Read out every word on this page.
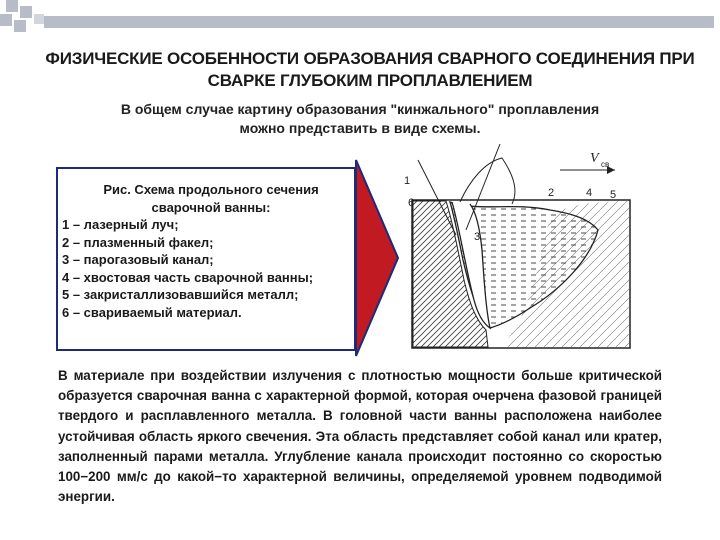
ФИЗИЧЕСКИЕ ОСОБЕННОСТИ ОБРАЗОВАНИЯ СВАРНОГО СОЕДИНЕНИЯ ПРИ
СВАРКЕ ГЛУБОКИМ ПРОПЛАВЛЕНИЕМ
В общем случае картину образования "кинжального" проплавления
можно представить в виде схемы.
Рис. Схема продольного сечения
сварочной ванны:
1 – лазерный луч;
2 – плазменный факел;
3 – парогазовый канал;
4 – хвостовая часть сварочной ванны;
5 – закристаллизовавшийся металл;
6 – свариваемый материал.
V св
1
2
3
4 5
6
В материале при воздействии излучения с плотностью мощности больше критической образуется сварочная ванна с характерной формой, которая очерчена фазовой границей твердого и расплавленного металла. В головной части ванны расположена наиболее устойчивая область яркого свечения. Эта область представляет собой канал или кратер, заполненный парами металла. Углубление канала происходит постоянно со скоростью 100−200 мм/с до какой−то характерной величины, определяемой уровнем подводимой энергии.
